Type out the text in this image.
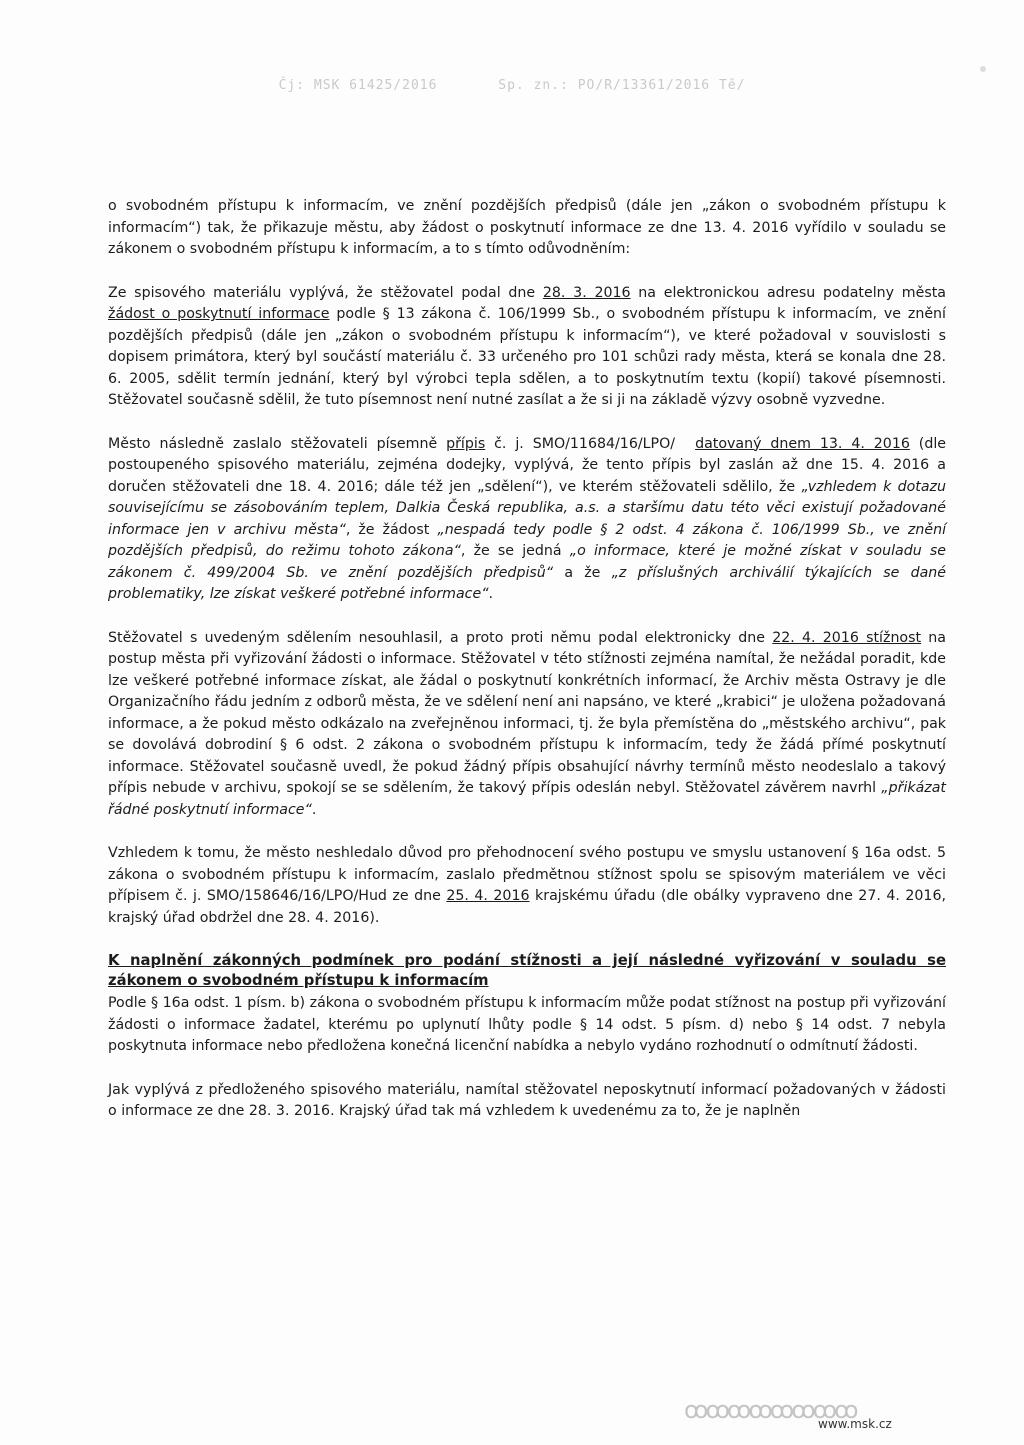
Čj: MSK 61425/2016	Sp. zn.: PO/R/13361/2016 Tě/

o svobodném přístupu k informacím, ve znění pozdějších předpisů (dále jen „zákon o svobodném přístupu k informacím“) tak, že přikazuje městu, aby žádost o poskytnutí informace ze dne 13. 4. 2016 vyřídilo v souladu se zákonem o svobodném přístupu k informacím, a to s tímto odůvodněním:

Ze spisového materiálu vyplývá, že stěžovatel podal dne 28. 3. 2016 na elektronickou adresu podatelny města žádost o poskytnutí informace podle § 13 zákona č. 106/1999 Sb., o svobodném přístupu k informacím, ve znění pozdějších předpisů (dále jen „zákon o svobodném přístupu k informacím“), ve které požadoval v souvislosti s dopisem primátora, který byl součástí materiálu č. 33 určeného pro 101 schůzi rady města, která se konala dne 28. 6. 2005, sdělit termín jednání, který byl výrobci tepla sdělen, a to poskytnutím textu (kopií) takové písemnosti. Stěžovatel současně sdělil, že tuto písemnost není nutné zasílat a že si ji na základě výzvy osobně vyzvedne.

Město následně zaslalo stěžovateli písemně přípis č. j. SMO/11684/16/LPO/ datovaný dnem 13. 4. 2016 (dle postoupeného spisového materiálu, zejména dodejky, vyplývá, že tento přípis byl zaslán až dne 15. 4. 2016 a doručen stěžovateli dne 18. 4. 2016; dále též jen „sdělení“), ve kterém stěžovateli sdělilo, že „vzhledem k dotazu souvisejícímu se zásobováním teplem, Dalkia Česká republika, a.s. a staršímu datu této věci existují požadované informace jen v archivu města“, že žádost „nespadá tedy podle § 2 odst. 4 zákona č. 106/1999 Sb., ve znění pozdějších předpisů, do režimu tohoto zákona“, že se jedná „o informace, které je možné získat v souladu se zákonem č. 499/2004 Sb. ve znění pozdějších předpisů“ a že „z příslušných archiválií týkajících se dané problematiky, lze získat veškeré potřebné informace“.

Stěžovatel s uvedeným sdělením nesouhlasil, a proto proti němu podal elektronicky dne 22. 4. 2016 stížnost na postup města při vyřizování žádosti o informace. Stěžovatel v této stížnosti zejména namítal, že nežádal poradit, kde lze veškeré potřebné informace získat, ale žádal o poskytnutí konkrétních informací, že Archiv města Ostravy je dle Organizačního řádu jedním z odborů města, že ve sdělení není ani napsáno, ve které „krabici“ je uložena požadovaná informace, a že pokud město odkázalo na zveřejněnou informaci, tj. že byla přemístěna do „městského archivu“, pak se dovolává dobrodiní § 6 odst. 2 zákona o svobodném přístupu k informacím, tedy že žádá přímé poskytnutí informace. Stěžovatel současně uvedl, že pokud žádný přípis obsahující návrhy termínů město neodeslalo a takový přípis nebude v archivu, spokojí se se sdělením, že takový přípis odeslán nebyl. Stěžovatel závěrem navrhl „přikázat řádné poskytnutí informace“.

Vzhledem k tomu, že město neshledalo důvod pro přehodnocení svého postupu ve smyslu ustanovení § 16a odst. 5 zákona o svobodném přístupu k informacím, zaslalo předmětnou stížnost spolu se spisovým materiálem ve věci přípisem č. j. SMO/158646/16/LPO/Hud ze dne 25. 4. 2016 krajskému úřadu (dle obálky vypraveno dne 27. 4. 2016, krajský úřad obdržel dne 28. 4. 2016).

K naplnění zákonných podmínek pro podání stížnosti a její následné vyřizování v souladu se zákonem o svobodném přístupu k informacím

Podle § 16a odst. 1 písm. b) zákona o svobodném přístupu k informacím může podat stížnost na postup při vyřizování žádosti o informace žadatel, kterému po uplynutí lhůty podle § 14 odst. 5 písm. d) nebo § 14 odst. 7 nebyla poskytnuta informace nebo předložena konečná licenční nabídka a nebylo vydáno rozhodnutí o odmítnutí žádosti.

Jak vyplývá z předloženého spisového materiálu, namítal stěžovatel neposkytnutí informací požadovaných v žádosti o informace ze dne 28. 3. 2016. Krajský úřad tak má vzhledem k uvedenému za to, že je naplněn

ꝏꝏꝏꝏꝏꝏꝏꝏ
www.msk.cz
